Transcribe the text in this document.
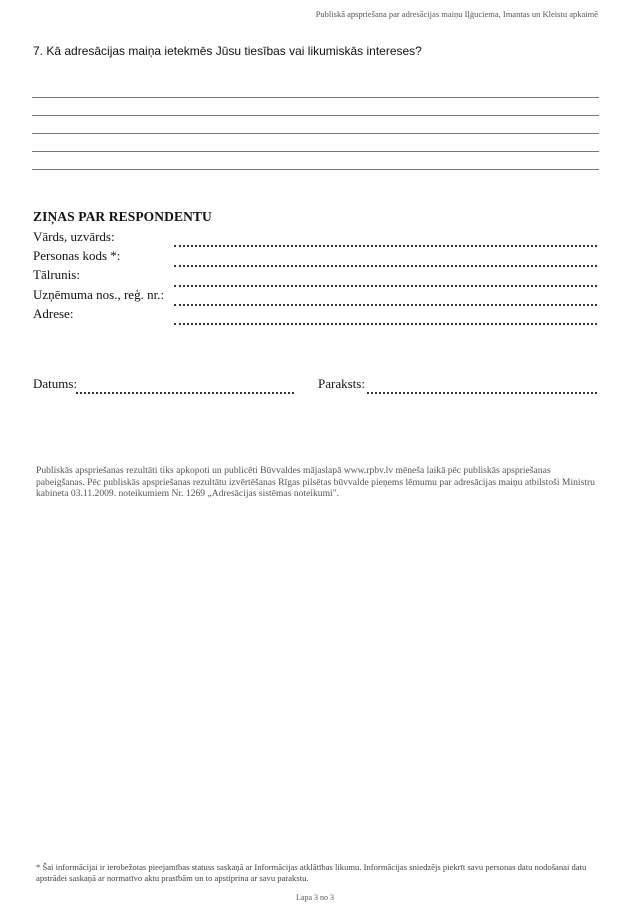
Publiskā apspriešana par adresācijas maiņu Iļģuciema, Imantas un Kleistu apkaimē
7. Kā adresācijas maiņa ietekmēs Jūsu tiesības vai likumiskās intereses?
ZIŅAS PAR RESPONDENTU
Vārds, uzvārds:
Personas kods *:
Tālrunis:
Uzņēmuma nos., reģ. nr.:
Adrese:
Datums:	Paraksts:
Publiskās apspriešanas rezultāti tiks apkopoti un publicēti Būvvaldes mājaslapā www.rpbv.lv mēneša laikā pēc publiskās apspriešanas pabeigšanas. Pēc publiskās apspriešanas rezultātu izvērtēšanas Rīgas pilsētas būvvalde pieņems lēmumu par adresācijas maiņu atbilstoši Ministru kabineta 03.11.2009. noteikumiem Nr. 1269 „Adresācijas sistēmas noteikumi".
* Šai informācijai ir ierobežotas pieejamības statuss saskaņā ar Informācijas atklātības likumu. Informācijas sniedzējs piekrīt savu personas datu nodošanai datu apstrādei saskaņā ar normatīvo aktu prasībām un to apstiprina ar savu parakstu.
Lapa 3 no 3
